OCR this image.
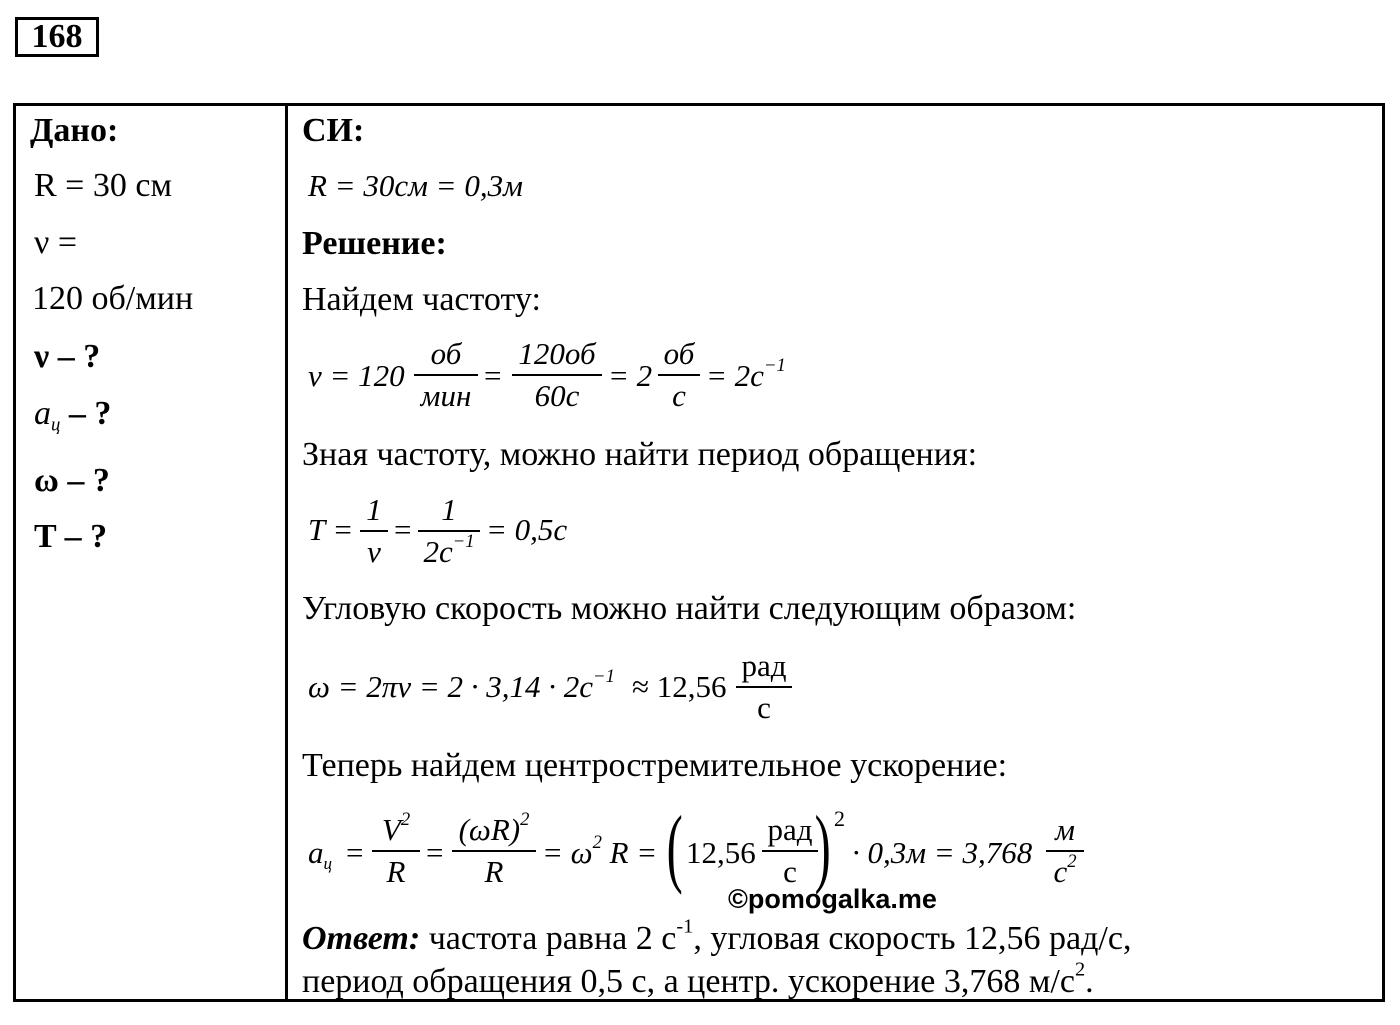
168
Дано:
R = 30 см
ν =
120 об/мин
ν – ?
$a_ц$ – ?
ω – ?
T – ?
СИ:
R = 30см = 0,3м
Решение:
Найдем частоту:
ν = 120
об
мин
=
120об
60с
= 2
об
с
= $2с^{-1}$
Зная частоту, можно найти период обращения:
T =
1
ν
=
1
$2с^{-1} = 0,5с$
Угловую скорость можно найти следующим образом:
$\omega = 2\pi\nu = 2 \cdot 3,14 \cdot 2с^{-1} \approx 12,56$
рад
с
Теперь найдем центростремительное ускорение:
$a_ц$ =
$V^2$
R
=
$(\omega R)^2$
R
= $\omega^2$ R = ( 12,56
рад
с ) 2
· 0,3м = 3,768
м
$с^2$
©pomogalka.me
Ответ: частота равна 2 $с^{-1}$, угловая скорость 12,56 рад/с,
период обращения 0,5 с, а центр. ускорение 3,768 $м/с^2$.
